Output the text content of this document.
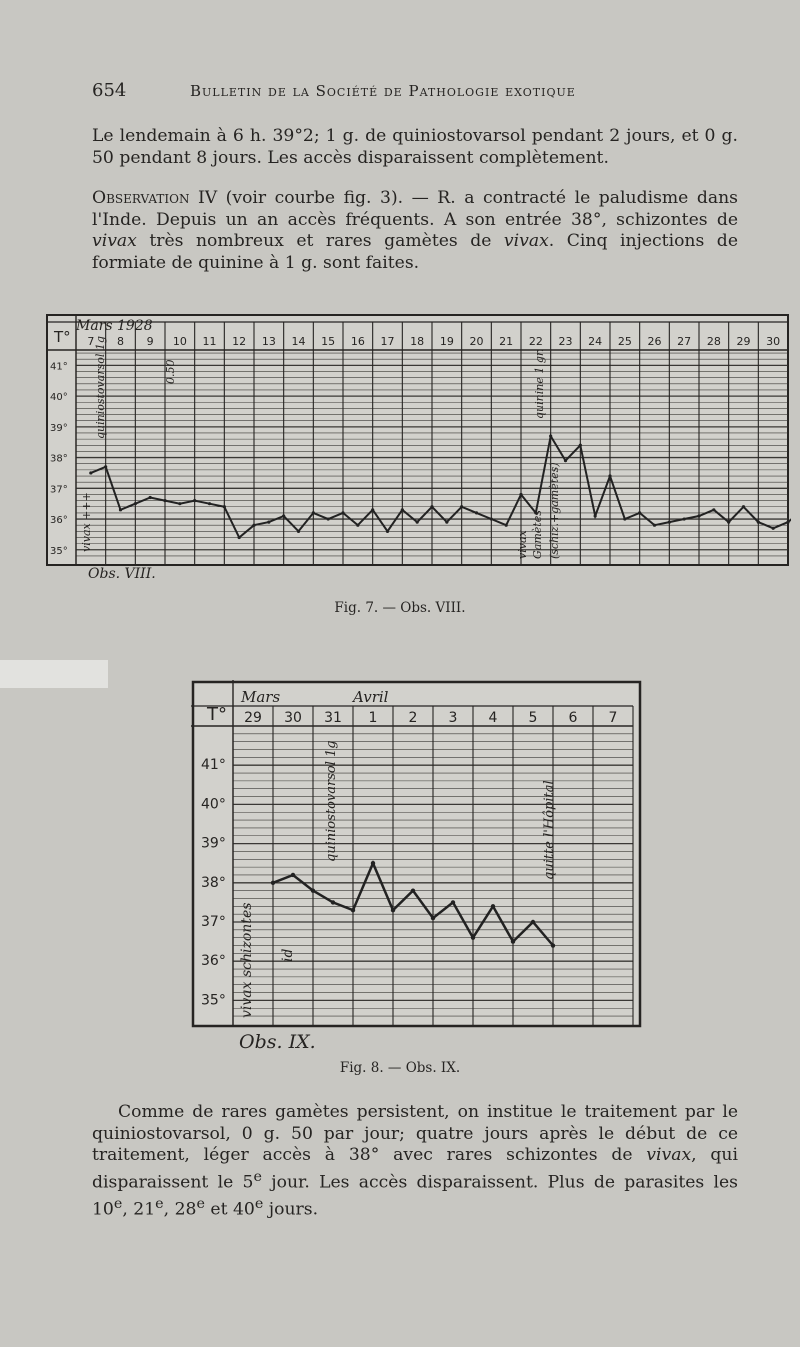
654	Bulletin de la Société de Pathologie exotique

Le lendemain à 6 h. 39°2; 1 g. de quiniostovarsol pendant 2 jours, et 0 g. 50 pendant 8 jours. Les accès disparaissent complètement.

Observation IV (voir courbe fig. 3). — R. a contracté le paludisme dans l'Inde. Depuis un an accès fréquents. A son entrée 38°, schizontes de vivax très nombreux et rares gamètes de vivax. Cinq injections de formiate de quinine à 1 g. sont faites.

T°
Mars 1928
7 8 9 10 11 12 13 14 15 16 17 18 19 20 21 22 23 24 25 26 27 28 29 30
41°
40°
39°
38°
37°
36°
35° vivax +++
quiniostovarsol 1g	0.50
vivax Gamètes (schiz.+gamètes)
quinine 1 gr.
Obs. VIII.
Fig. 7. — Obs. VIII.
T°
Mars	Avril
29 30 31 1 2 3 4 5 6 7
41°
40°
39°
38°
37°
36°
35° vivax schizontes id
quiniostovarsol 1g	quitte l'Hôpital
Obs. IX.
Fig. 8. — Obs. IX.

Comme de rares gamètes persistent, on institue le traitement par le quiniostovarsol, 0 g. 50 par jour; quatre jours après le début de ce traitement, léger accès à 38° avec rares schizontes de vivax, qui disparaissent le 5e jour. Les accès disparaissent. Plus de parasites les 10e, 21e, 28e et 40e jours.
